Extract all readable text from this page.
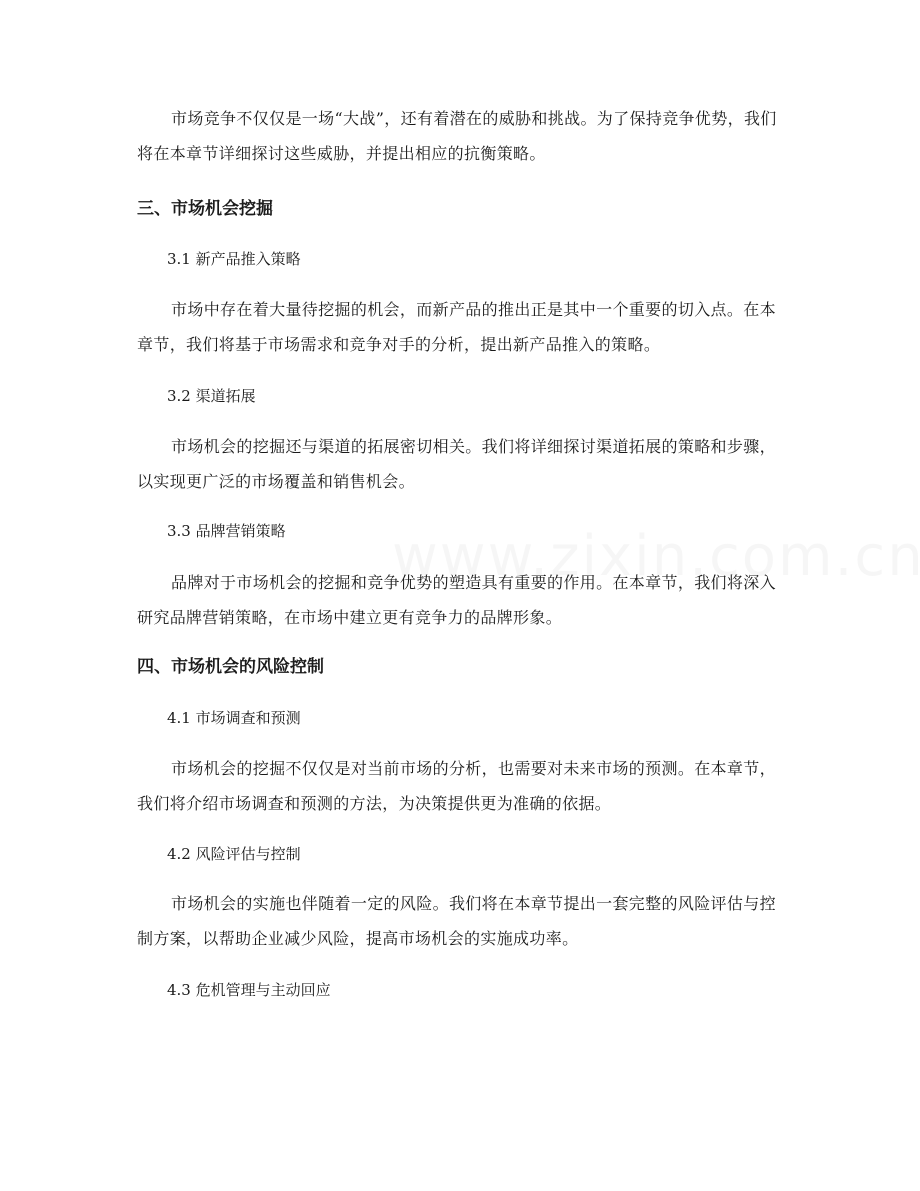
市场竞争不仅仅是一场“大战”，还有着潜在的威胁和挑战。为了保持竞争优势，我们将在本章节详细探讨这些威胁，并提出相应的抗衡策略。

三、市场机会挖掘
3.1 新产品推入策略

市场中存在着大量待挖掘的机会，而新产品的推出正是其中一个重要的切入点。在本章节，我们将基于市场需求和竞争对手的分析，提出新产品推入的策略。

3.2 渠道拓展

市场机会的挖掘还与渠道的拓展密切相关。我们将详细探讨渠道拓展的策略和步骤，以实现更广泛的市场覆盖和销售机会。

3.3 品牌营销策略

品牌对于市场机会的挖掘和竞争优势的塑造具有重要的作用。在本章节，我们将深入研究品牌营销策略，在市场中建立更有竞争力的品牌形象。

四、市场机会的风险控制
4.1 市场调查和预测

市场机会的挖掘不仅仅是对当前市场的分析，也需要对未来市场的预测。在本章节，我们将介绍市场调查和预测的方法，为决策提供更为准确的依据。

4.2 风险评估与控制

市场机会的实施也伴随着一定的风险。我们将在本章节提出一套完整的风险评估与控制方案，以帮助企业减少风险，提高市场机会的实施成功率。

4.3 危机管理与主动回应
